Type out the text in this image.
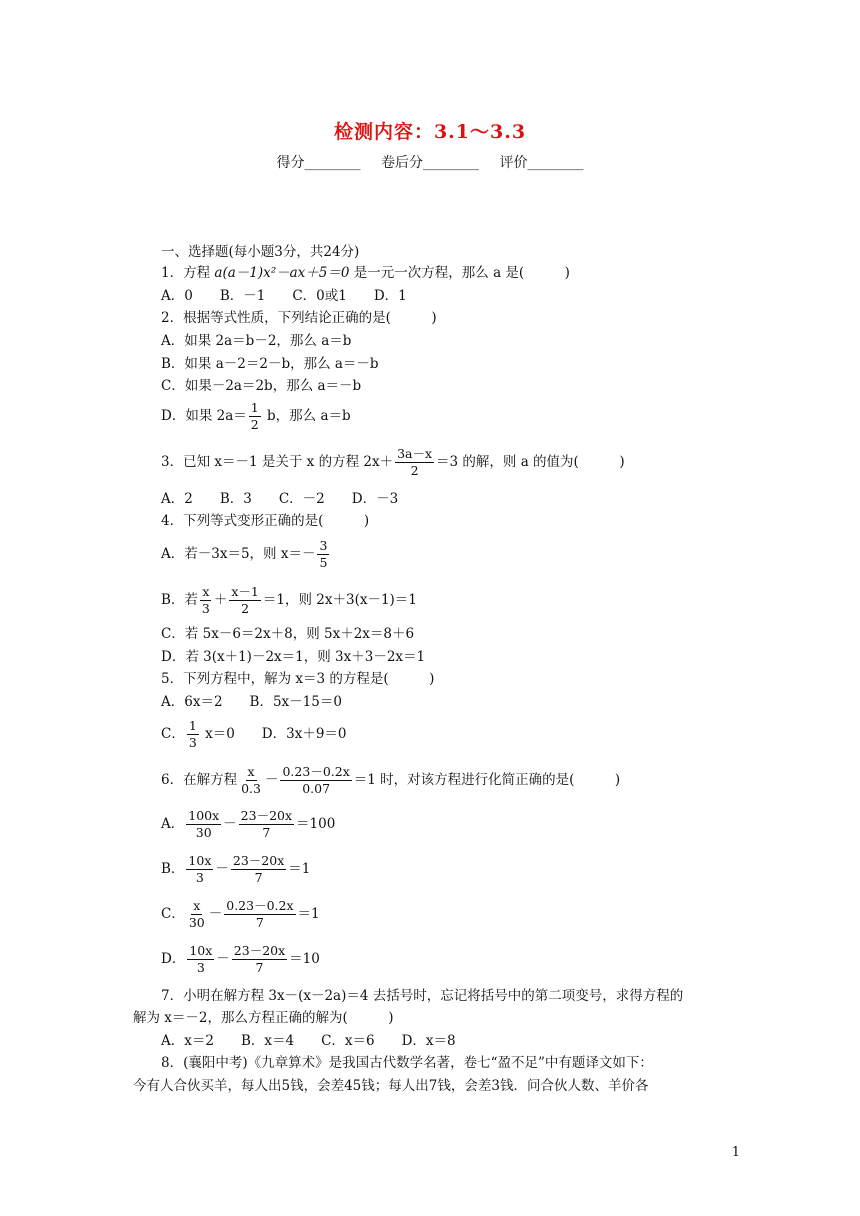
检测内容：3.1～3.3
得分________ 卷后分________ 评价________
一、选择题(每小题3分，共24分)
1．方程 a(a－1)x²－ax＋5＝0 是一元一次方程，那么 a 是(　　　)
A．0　　B．－1　　C．0或1　　D．1
2．根据等式性质，下列结论正确的是(　　　)
A．如果 2a＝b－2，那么 a＝b
B．如果 a－2＝2－b，那么 a＝－b
C．如果－2a＝2b，那么 a＝－b
D．如果 $2a= \frac{1}{2}$ b，那么 a＝b
3．已知 x＝－1 是关于 x 的方程 $2x+ \frac{3a-x}{2} =3$ 的解，则 a 的值为(　　　)
A．2　　B．3　　C．－2　　D．－3
4．下列等式变形正确的是(　　　)
A．若－3x＝5，则 $x=- \frac{3}{5}$
B．若 $\frac{x}{3} + \frac{x-1}{2} =1$，则 2x＋3(x－1)＝1
C．若 5x－6＝2x＋8，则 5x＋2x＝8＋6
D．若 3(x＋1)－2x＝1，则 3x＋3－2x＝1
5．下列方程中，解为 x＝3 的方程是(　　　)
A．6x＝2　　B．5x－15＝0
C． $\frac{1}{3} x=0$　　D．3x＋9＝0
6．在解方程 $\frac{x}{0.3} - \frac{0.23-0.2x}{0.07} =1$ 时，对该方程进行化简正确的是(　　　)
A． $\frac{100x}{30} - \frac{23-20x}{7} =100$
B． $\frac{10x}{3} - \frac{23-20x}{7} =1$
C． $\frac{x}{30} - \frac{0.23-0.2x}{7} =1$
D． $\frac{10x}{3} - \frac{23-20x}{7} =10$
7．小明在解方程 3x－(x－2a)＝4 去括号时，忘记将括号中的第二项变号，求得方程的
解为 x＝－2，那么方程正确的解为(　　　)
A．x＝2　　B．x＝4　　C．x＝6　　D．x＝8
8．(襄阳中考)《九章算术》是我国古代数学名著，卷七“盈不足”中有题译文如下：
今有人合伙买羊，每人出5钱，会差45钱；每人出7钱，会差3钱．问合伙人数、羊价各
1
